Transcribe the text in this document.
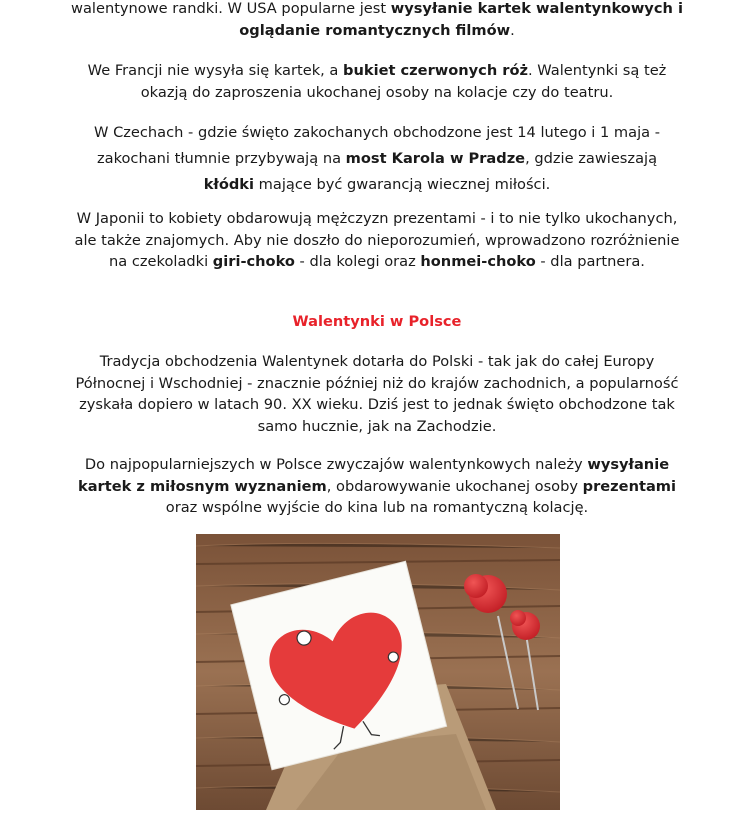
walentynowe randki. W USA popularne jest wysyłanie kartek walentynkowych i oglądanie romantycznych filmów.

We Francji nie wysyła się kartek, a bukiet czerwonych róż. Walentynki są też okazją do zaproszenia ukochanej osoby na kolacje czy do teatru.

W Czechach - gdzie święto zakochanych obchodzone jest 14 lutego i 1 maja - zakochani tłumnie przybywają na most Karola w Pradze, gdzie zawieszają kłódki mające być gwarancją wiecznej miłości.

W Japonii to kobiety obdarowują mężczyzn prezentami - i to nie tylko ukochanych, ale także znajomych. Aby nie doszło do nieporozumień, wprowadzono rozróżnienie na czekoladki giri-choko - dla kolegi oraz honmei-choko - dla partnera.

Walentynki w Polsce

Tradycja obchodzenia Walentynek dotarła do Polski - tak jak do całej Europy Północnej i Wschodniej - znacznie później niż do krajów zachodnich, a popularność zyskała dopiero w latach 90. XX wieku. Dziś jest to jednak święto obchodzone tak samo hucznie, jak na Zachodzie.

Do najpopularniejszych w Polsce zwyczajów walentynkowych należy wysyłanie kartek z miłosnym wyznaniem, obdarowywanie ukochanej osoby prezentami oraz wspólne wyjście do kina lub na romantyczną kolację.
